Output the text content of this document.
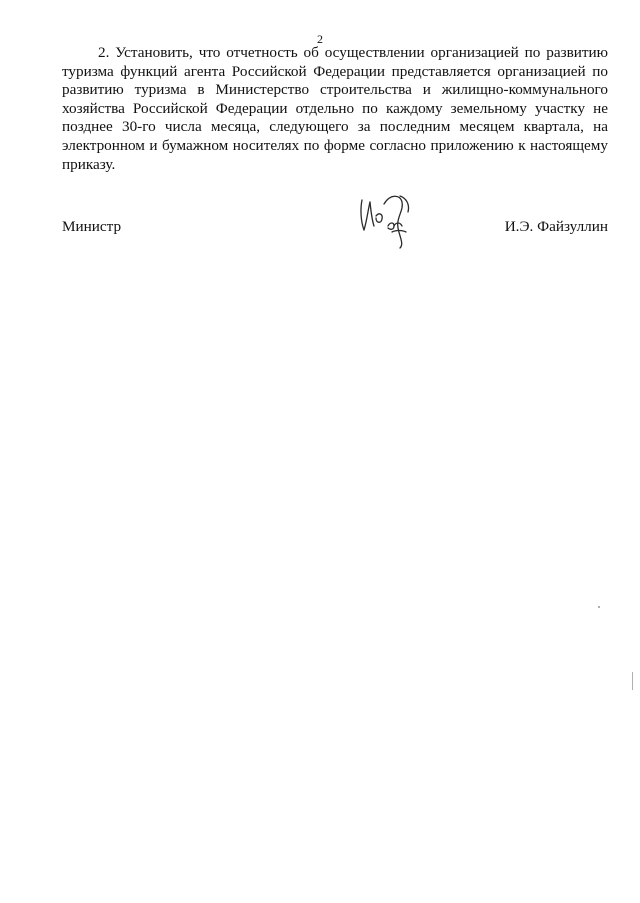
2

2. Установить, что отчетность об осуществлении организацией по развитию туризма функций агента Российской Федерации представляется организацией по развитию туризма в Министерство строительства и жилищно-коммунального хозяйства Российской Федерации отдельно по каждому земельному участку не позднее 30-го числа месяца, следующего за последним месяцем квартала, на электронном и бумажном носителях по форме согласно приложению к настоящему приказу.

Министр	И.Э. Файзуллин
